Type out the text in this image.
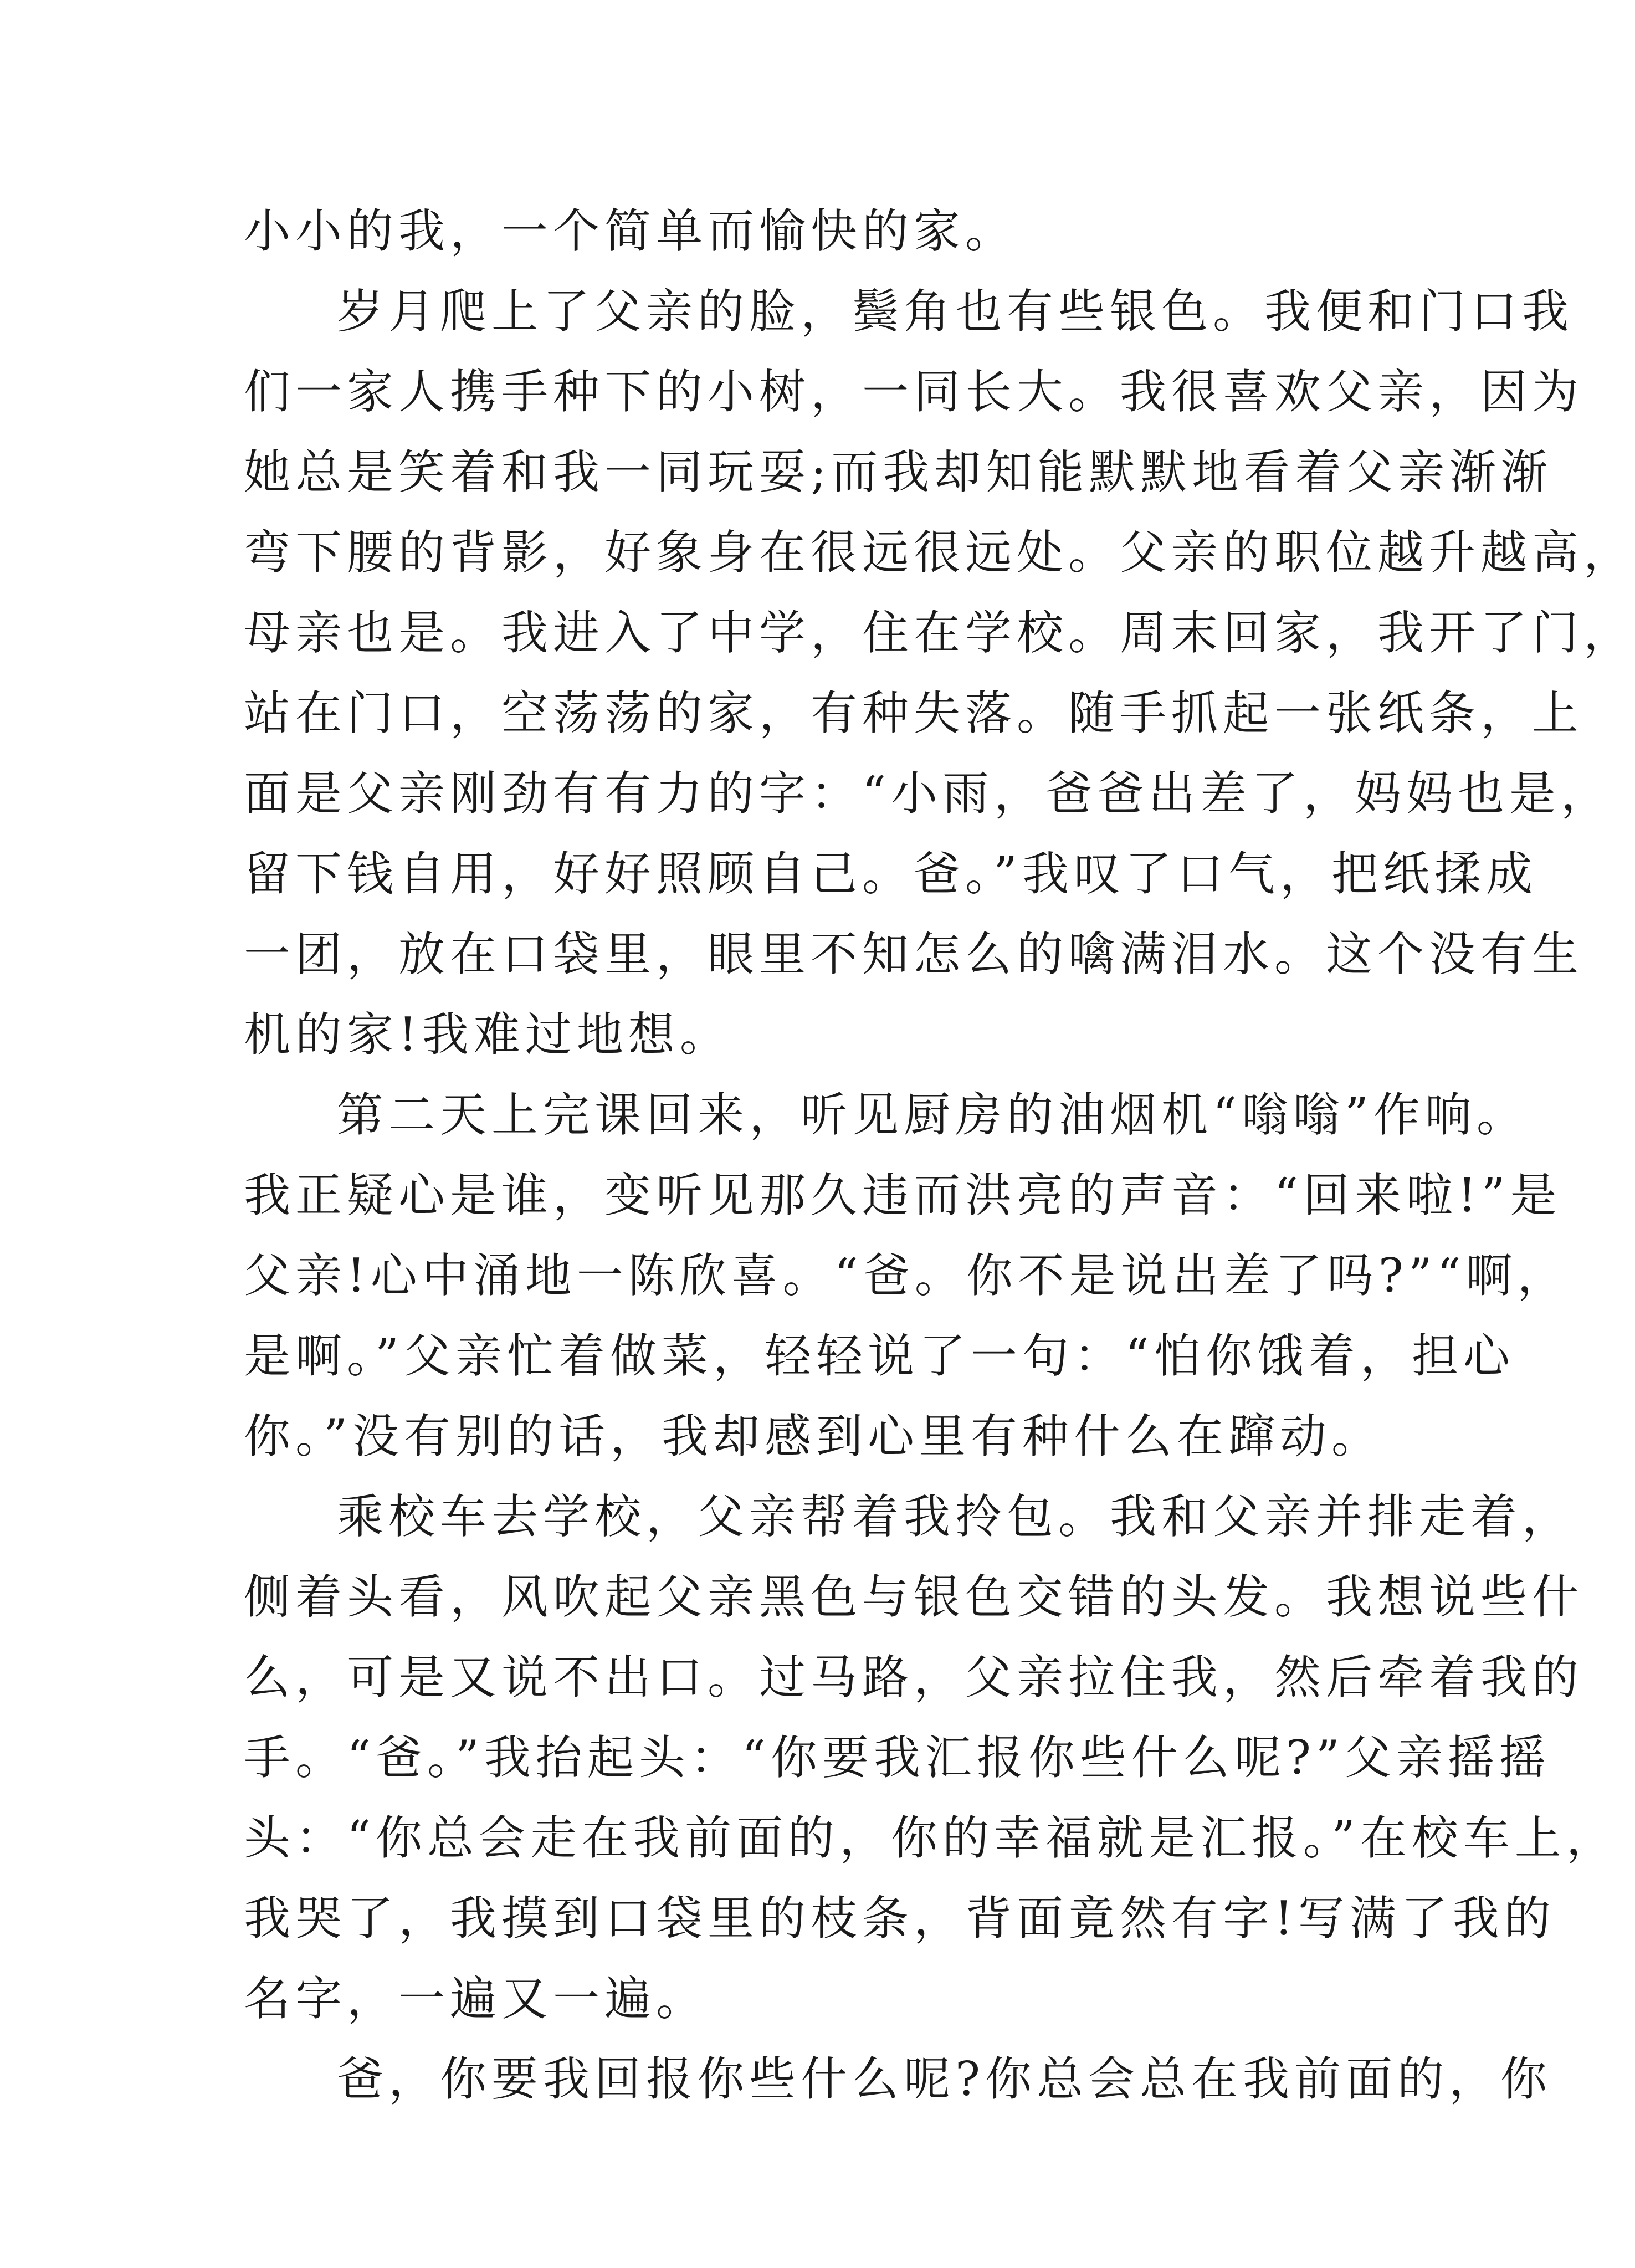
小小的我，一个简单而愉快的家。
岁月爬上了父亲的脸，鬓角也有些银色。我便和门口我
们一家人携手种下的小树，一同长大。我很喜欢父亲，因为
她总是笑着和我一同玩耍;而我却知能默默地看着父亲渐渐
弯下腰的背影，好象身在很远很远处。父亲的职位越升越高，
母亲也是。我进入了中学，住在学校。周末回家，我开了门，
站在门口，空荡荡的家，有种失落。随手抓起一张纸条，上
面是父亲刚劲有有力的字：“小雨，爸爸出差了，妈妈也是，
留下钱自用，好好照顾自己。爸。”我叹了口气，把纸揉成
一团，放在口袋里，眼里不知怎么的噙满泪水。这个没有生
机的家!我难过地想。
第二天上完课回来，听见厨房的油烟机“嗡嗡”作响。
我正疑心是谁，变听见那久违而洪亮的声音：“回来啦!”是
父亲!心中涌地一陈欣喜。“爸。你不是说出差了吗?”“啊，
是啊。”父亲忙着做菜，轻轻说了一句：“怕你饿着，担心
你。”没有别的话，我却感到心里有种什么在蹿动。
乘校车去学校，父亲帮着我拎包。我和父亲并排走着，
侧着头看，风吹起父亲黑色与银色交错的头发。我想说些什
么，可是又说不出口。过马路，父亲拉住我，然后牵着我的
手。“爸。”我抬起头：“你要我汇报你些什么呢?”父亲摇摇
头：“你总会走在我前面的，你的幸福就是汇报。”在校车上，
我哭了，我摸到口袋里的枝条，背面竟然有字!写满了我的
名字，一遍又一遍。
爸，你要我回报你些什么呢?你总会总在我前面的，你
